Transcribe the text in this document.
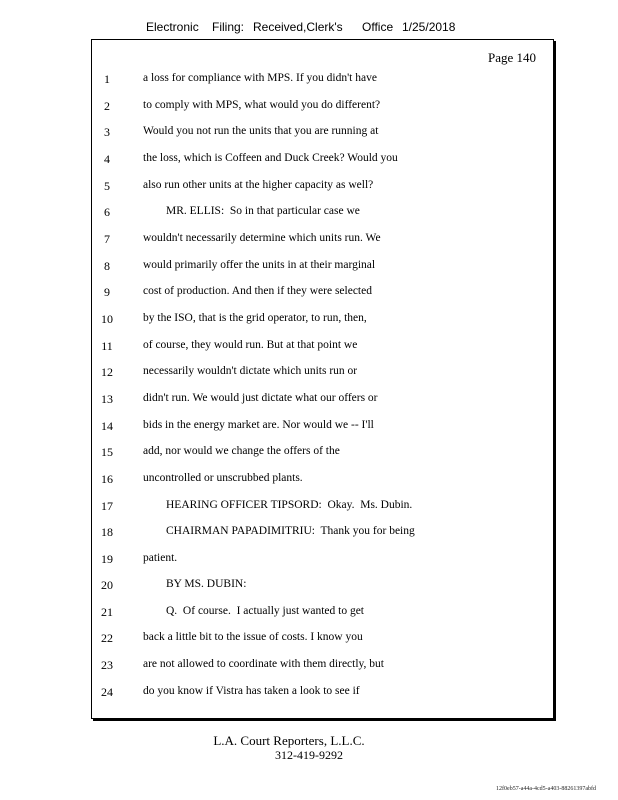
Electronic Filing: Received,Clerk's Office 1/25/2018
Page 140
1	a loss for compliance with MPS. If you didn't have
2	to comply with MPS, what would you do different?
3	Would you not run the units that you are running at
4	the loss, which is Coffeen and Duck Creek? Would you
5	also run other units at the higher capacity as well?
6	MR. ELLIS:  So in that particular case we
7	wouldn't necessarily determine which units run. We
8	would primarily offer the units in at their marginal
9	cost of production. And then if they were selected
10	by the ISO, that is the grid operator, to run, then,
11	of course, they would run. But at that point we
12	necessarily wouldn't dictate which units run or
13	didn't run. We would just dictate what our offers or
14	bids in the energy market are. Nor would we -- I'll
15	add, nor would we change the offers of the
16	uncontrolled or unscrubbed plants.
17	HEARING OFFICER TIPSORD:  Okay.  Ms. Dubin.
18	CHAIRMAN PAPADIMITRIU:  Thank you for being
19	patient.
20	BY MS. DUBIN:
21	Q.  Of course.  I actually just wanted to get
22	back a little bit to the issue of costs. I know you
23	are not allowed to coordinate with them directly, but
24	do you know if Vistra has taken a look to see if
L.A. Court Reporters, L.L.C.
312-419-9292
12f0eb57-a44a-4cd5-a403-88261397abfd
